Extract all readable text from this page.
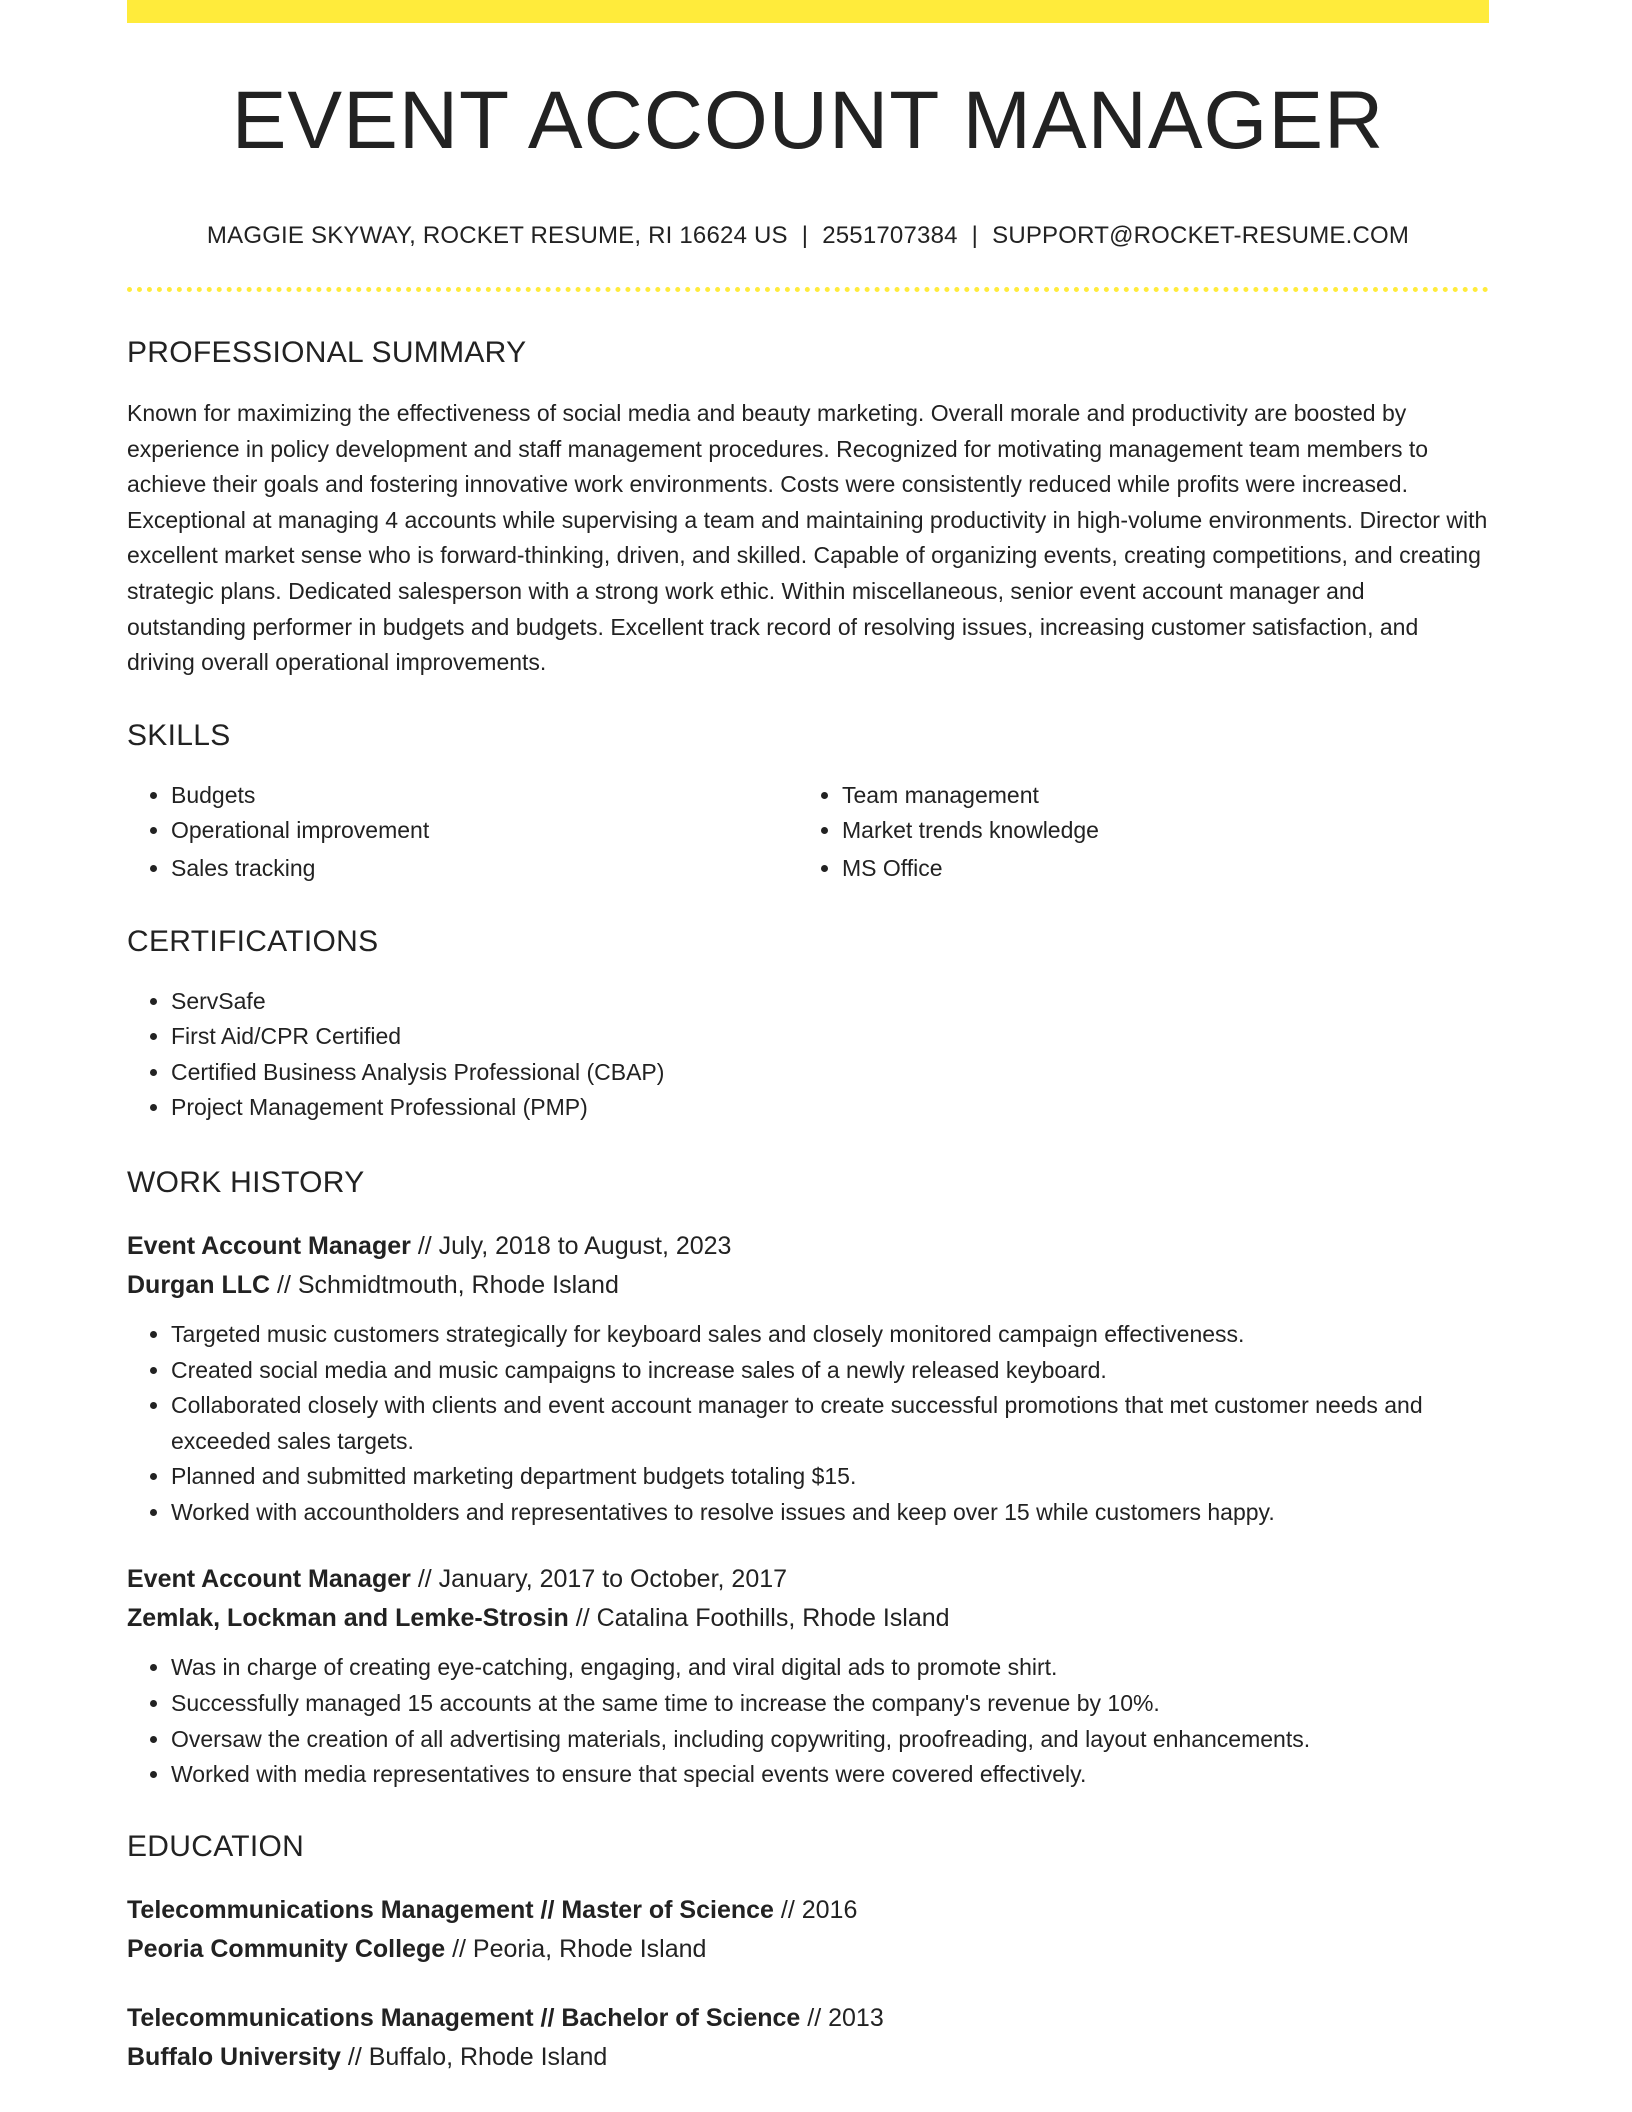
EVENT ACCOUNT MANAGER
MAGGIE SKYWAY, ROCKET RESUME, RI 16624 US | 2551707384 | SUPPORT@ROCKET-RESUME.COM
PROFESSIONAL SUMMARY

Known for maximizing the effectiveness of social media and beauty marketing. Overall morale and productivity are boosted by experience in policy development and staff management procedures. Recognized for motivating management team members to achieve their goals and fostering innovative work environments. Costs were consistently reduced while profits were increased. Exceptional at managing 4 accounts while supervising a team and maintaining productivity in high-volume environments. Director with excellent market sense who is forward-thinking, driven, and skilled. Capable of organizing events, creating competitions, and creating strategic plans. Dedicated salesperson with a strong work ethic. Within miscellaneous, senior event account manager and outstanding performer in budgets and budgets. Excellent track record of resolving issues, increasing customer satisfaction, and driving overall operational improvements.

SKILLS
• Budgets
• Operational improvement
• Sales tracking
• Team management
• Market trends knowledge
• MS Office
CERTIFICATIONS
• ServSafe
• First Aid/CPR Certified
• Certified Business Analysis Professional (CBAP)
• Project Management Professional (PMP)
WORK HISTORY
Event Account Manager // July, 2018 to August, 2023
Durgan LLC // Schmidtmouth, Rhode Island
• Targeted music customers strategically for keyboard sales and closely monitored campaign effectiveness.
• Created social media and music campaigns to increase sales of a newly released keyboard.
• Collaborated closely with clients and event account manager to create successful promotions that met customer needs and exceeded sales targets.
• Planned and submitted marketing department budgets totaling $15.
• Worked with accountholders and representatives to resolve issues and keep over 15 while customers happy.
Event Account Manager // January, 2017 to October, 2017
Zemlak, Lockman and Lemke-Strosin // Catalina Foothills, Rhode Island
• Was in charge of creating eye-catching, engaging, and viral digital ads to promote shirt.
• Successfully managed 15 accounts at the same time to increase the company's revenue by 10%.
• Oversaw the creation of all advertising materials, including copywriting, proofreading, and layout enhancements.
• Worked with media representatives to ensure that special events were covered effectively.
EDUCATION
Telecommunications Management // Master of Science // 2016
Peoria Community College // Peoria, Rhode Island
Telecommunications Management // Bachelor of Science // 2013
Buffalo University // Buffalo, Rhode Island
